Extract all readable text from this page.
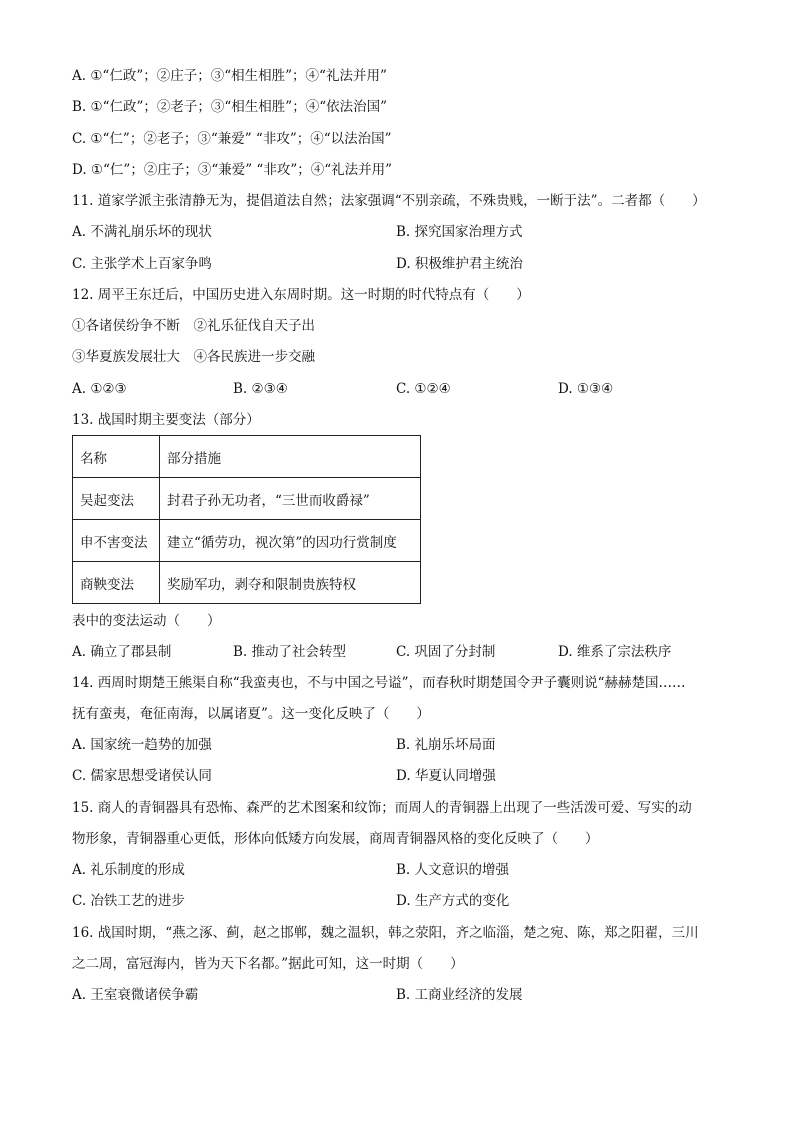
A. ①“仁政”；②庄子；③“相生相胜”；④“礼法并用”
B. ①“仁政”；②老子；③“相生相胜”；④“依法治国”
C. ①“仁”；②老子；③“兼爱” “非攻”；④“以法治国”
D. ①“仁”；②庄子；③“兼爱” “非攻”；④“礼法并用”
11. 道家学派主张清静无为，提倡道法自然；法家强调“不别亲疏，不殊贵贱，一断于法”。二者都（　　）
A. 不满礼崩乐坏的现状	B. 探究国家治理方式
C. 主张学术上百家争鸣	D. 积极维护君主统治
12. 周平王东迁后，中国历史进入东周时期。这一时期的时代特点有（　　）
①各诸侯纷争不断　②礼乐征伐自天子出
③华夏族发展壮大　④各民族进一步交融
A. ①②③	B. ②③④	C. ①②④	D. ①③④
13. 战国时期主要变法（部分）
名称	部分措施
吴起变法	封君子孙无功者，“三世而收爵禄”
申不害变法	建立“循劳功，视次第”的因功行赏制度
商鞅变法	奖励军功，剥夺和限制贵族特权
表中的变法运动（　　）
A. 确立了郡县制	B. 推动了社会转型	C. 巩固了分封制	D. 维系了宗法秩序
14. 西周时期楚王熊渠自称“我蛮夷也，不与中国之号谥”，而春秋时期楚国令尹子囊则说“赫赫楚国……
抚有蛮夷，奄征南海，以属诸夏”。这一变化反映了（　　）
A. 国家统一趋势的加强	B. 礼崩乐坏局面
C. 儒家思想受诸侯认同	D. 华夏认同增强
15. 商人的青铜器具有恐怖、森严的艺术图案和纹饰；而周人的青铜器上出现了一些活泼可爱、写实的动
物形象，青铜器重心更低，形体向低矮方向发展，商周青铜器风格的变化反映了（　　）
A. 礼乐制度的形成	B. 人文意识的增强
C. 冶铁工艺的进步	D. 生产方式的变化
16. 战国时期，“燕之涿、蓟，赵之邯郸，魏之温轵，韩之荥阳，齐之临淄，楚之宛、陈，郑之阳翟，三川
之二周，富冠海内，皆为天下名都。”据此可知，这一时期（　　）
A. 王室衰微诸侯争霸	B. 工商业经济的发展
